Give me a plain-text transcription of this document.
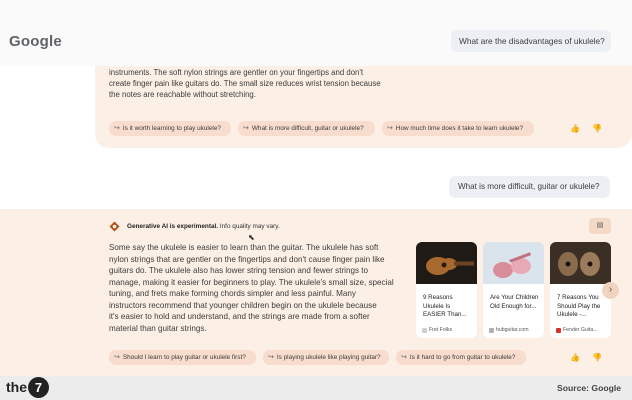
Google	What are the disadvantages of ukulele?
instruments. The soft nylon strings are gentler on your fingertips and don't
create finger pain like guitars do. The small size reduces wrist tension because
the notes are reachable without stretching.
↪ Is it worth learning to play ukulele?	↪ What is more difficult, guitar or ukulele?	↪ How much time does it take to learn ukulele?	👍 👎
What is more difficult, guitar or ukulele?
Generative AI is experimental. Info quality may vary.	▤
Some say the ukulele is easier to learn than the guitar. The ukulele has soft
nylon strings that are gentler on the fingertips and don't cause finger pain like
guitars do. The ukulele also has lower string tension and fewer strings to
manage, making it easier for beginners to play. The ukulele's small size, special
tuning, and frets make forming chords simpler and less painful. Many
instructors recommend that younger children begin on the ukulele because
it's easier to hold and understand, and the strings are made from a softer
material than guitar strings.
⬉
9 Reasons Ukulele Is EASIER Than...
Fret Folks
Are Your Children Old Enough for...
hubguitar.com
7 Reasons You Should Play the Ukulele -...
Fender Guita...
›
↪ Should I learn to play guitar or ukulele first?	↪ Is playing ukulele like playing guitar?	↪ Is it hard to go from guitar to ukulele?	👍 👎
the 7	Source: Google
